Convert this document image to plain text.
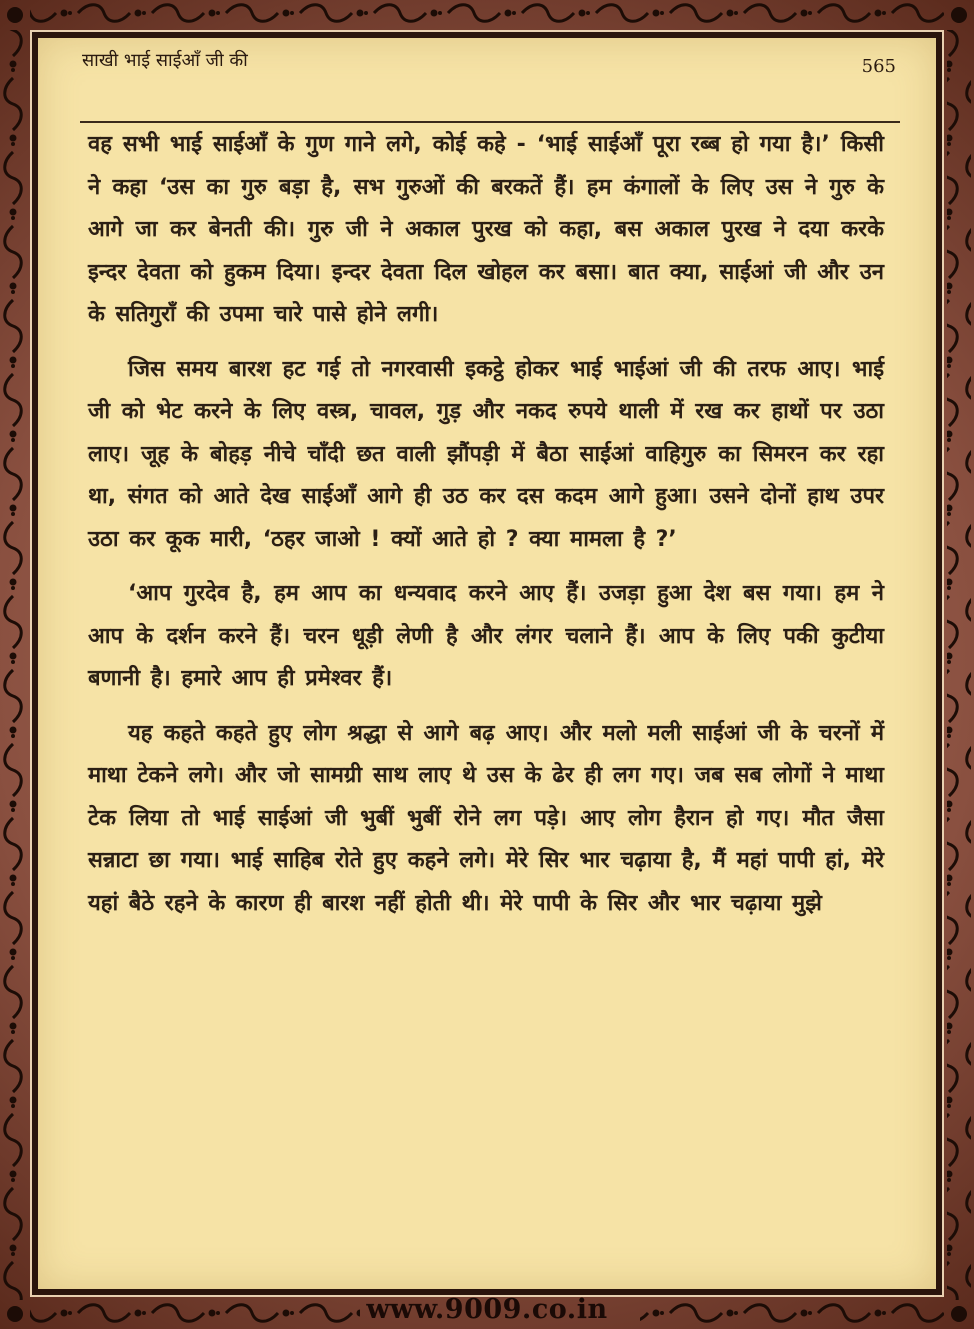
साखी भाई साईआँ जी की	565

वह सभी भाई साईआँ के गुण गाने लगे, कोई कहे - ‘भाई साईआँ पूरा रब्ब हो गया है।’ किसी ने कहा ‘उस का गुरु बड़ा है, सभ गुरुओं की बरकतें हैं। हम कंगालों के लिए उस ने गुरु के आगे जा कर बेनती की। गुरु जी ने अकाल पुरख को कहा, बस अकाल पुरख ने दया करके इन्दर देवता को हुकम दिया। इन्दर देवता दिल खोहल कर बसा। बात क्या, साईआं जी और उन के सतिगुराँ की उपमा चारे पासे होने लगी।

जिस समय बारश हट गई तो नगरवासी इकट्ठे होकर भाई भाईआं जी की तरफ आए। भाई जी को भेट करने के लिए वस्त्र, चावल, गुड़ और नकद रुपये थाली में रख कर हाथों पर उठा लाए। जूह के बोहड़ नीचे चाँदी छत वाली झौंपड़ी में बैठा साईआं वाहिगुरु का सिमरन कर रहा था, संगत को आते देख साईआँ आगे ही उठ कर दस कदम आगे हुआ। उसने दोनों हाथ उपर उठा कर कूक मारी, ‘ठहर जाओ ! क्यों आते हो ? क्या मामला है ?’

‘आप गुरदेव है, हम आप का धन्यवाद करने आए हैं। उजड़ा हुआ देश बस गया। हम ने आप के दर्शन करने हैं। चरन धूड़ी लेणी है और लंगर चलाने हैं। आप के लिए पकी कुटीया बणानी है। हमारे आप ही प्रमेश्वर हैं।

यह कहते कहते हुए लोग श्रद्धा से आगे बढ़ आए। और मलो मली साईआं जी के चरनों में माथा टेकने लगे। और जो सामग्री साथ लाए थे उस के ढेर ही लग गए। जब सब लोगों ने माथा टेक लिया तो भाई साईआं जी भुबीं भुबीं रोने लग पड़े। आए लोग हैरान हो गए। मौत जैसा सन्नाटा छा गया। भाई साहिब रोते हुए कहने लगे। मेरे सिर भार चढ़ाया है, मैं महां पापी हां, मेरे यहां बैठे रहने के कारण ही बारश नहीं होती थी। मेरे पापी के सिर और भार चढ़ाया मुझे

www.9009.co.in
